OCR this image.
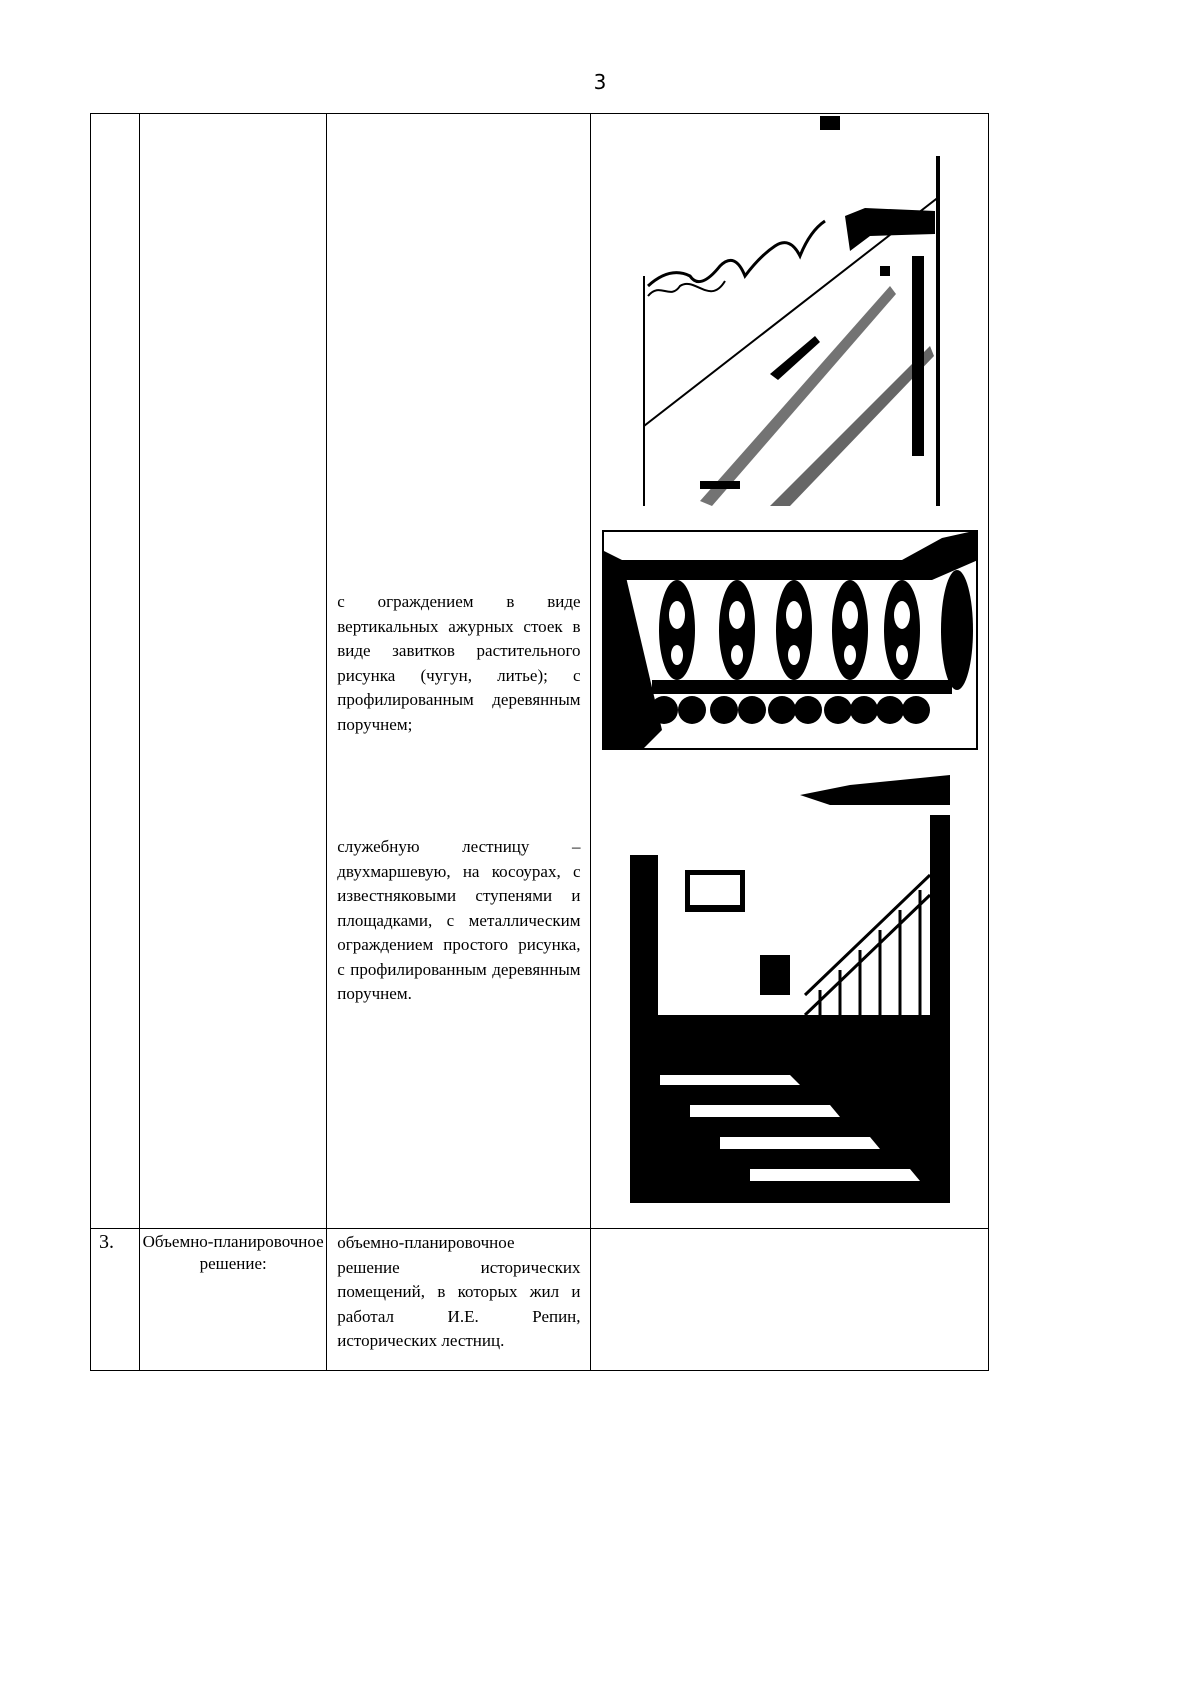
3

		с ограждением в виде вертикальных ажурных стоек в виде завитков растительного рисунка (чугун, литье); с профилированным деревянным поручнем;
служебную лестницу – двухмаршевую, на косоурах, с известняковыми ступенями и площадками, с металлическим ограждением простого рисунка, с профилированным деревянным поручнем.	

3.	Объемно-планировочное решение:	объемно-планировочное решение исторических помещений, в которых жил и работал И.Е. Репин, исторических лестниц.	
